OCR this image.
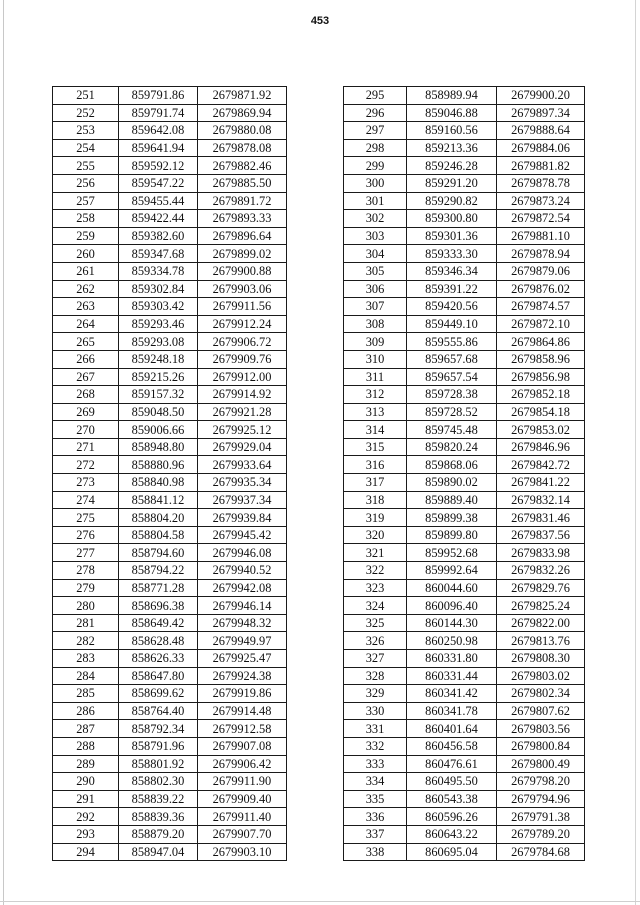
453
251	859791.86	2679871.92
252	859791.74	2679869.94
253	859642.08	2679880.08
254	859641.94	2679878.08
255	859592.12	2679882.46
256	859547.22	2679885.50
257	859455.44	2679891.72
258	859422.44	2679893.33
259	859382.60	2679896.64
260	859347.68	2679899.02
261	859334.78	2679900.88
262	859302.84	2679903.06
263	859303.42	2679911.56
264	859293.46	2679912.24
265	859293.08	2679906.72
266	859248.18	2679909.76
267	859215.26	2679912.00
268	859157.32	2679914.92
269	859048.50	2679921.28
270	859006.66	2679925.12
271	858948.80	2679929.04
272	858880.96	2679933.64
273	858840.98	2679935.34
274	858841.12	2679937.34
275	858804.20	2679939.84
276	858804.58	2679945.42
277	858794.60	2679946.08
278	858794.22	2679940.52
279	858771.28	2679942.08
280	858696.38	2679946.14
281	858649.42	2679948.32
282	858628.48	2679949.97
283	858626.33	2679925.47
284	858647.80	2679924.38
285	858699.62	2679919.86
286	858764.40	2679914.48
287	858792.34	2679912.58
288	858791.96	2679907.08
289	858801.92	2679906.42
290	858802.30	2679911.90
291	858839.22	2679909.40
292	858839.36	2679911.40
293	858879.20	2679907.70
294	858947.04	2679903.10
295	858989.94	2679900.20
296	859046.88	2679897.34
297	859160.56	2679888.64
298	859213.36	2679884.06
299	859246.28	2679881.82
300	859291.20	2679878.78
301	859290.82	2679873.24
302	859300.80	2679872.54
303	859301.36	2679881.10
304	859333.30	2679878.94
305	859346.34	2679879.06
306	859391.22	2679876.02
307	859420.56	2679874.57
308	859449.10	2679872.10
309	859555.86	2679864.86
310	859657.68	2679858.96
311	859657.54	2679856.98
312	859728.38	2679852.18
313	859728.52	2679854.18
314	859745.48	2679853.02
315	859820.24	2679846.96
316	859868.06	2679842.72
317	859890.02	2679841.22
318	859889.40	2679832.14
319	859899.38	2679831.46
320	859899.80	2679837.56
321	859952.68	2679833.98
322	859992.64	2679832.26
323	860044.60	2679829.76
324	860096.40	2679825.24
325	860144.30	2679822.00
326	860250.98	2679813.76
327	860331.80	2679808.30
328	860331.44	2679803.02
329	860341.42	2679802.34
330	860341.78	2679807.62
331	860401.64	2679803.56
332	860456.58	2679800.84
333	860476.61	2679800.49
334	860495.50	2679798.20
335	860543.38	2679794.96
336	860596.26	2679791.38
337	860643.22	2679789.20
338	860695.04	2679784.68
